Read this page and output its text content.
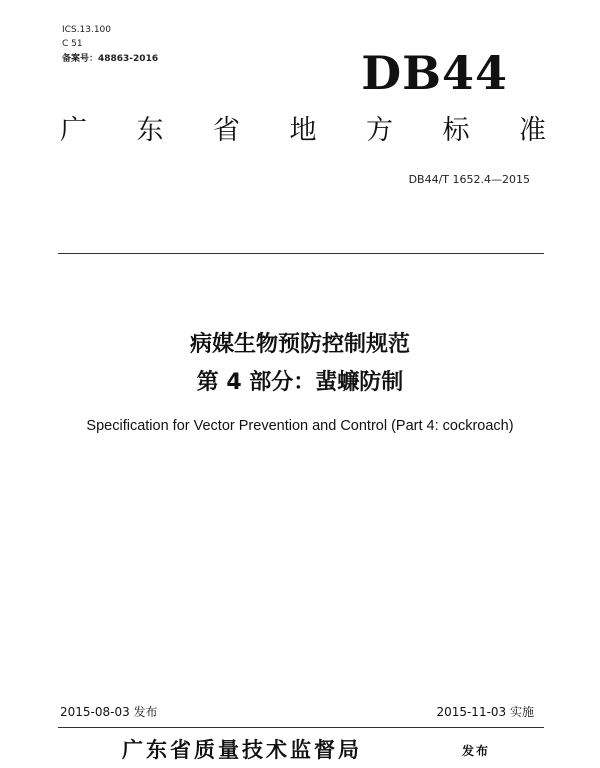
ICS.13.100
C 51
备案号：48863-2016	DB44
广 东 省 地 方 标 准
DB44/T 1652.4—2015
病媒生物预防控制规范
第 4 部分：蜚蠊防制
Specification for Vector Prevention and Control (Part 4: cockroach)
2015-08-03 发布	2015-11-03 实施
广东省质量技术监督局	发布
